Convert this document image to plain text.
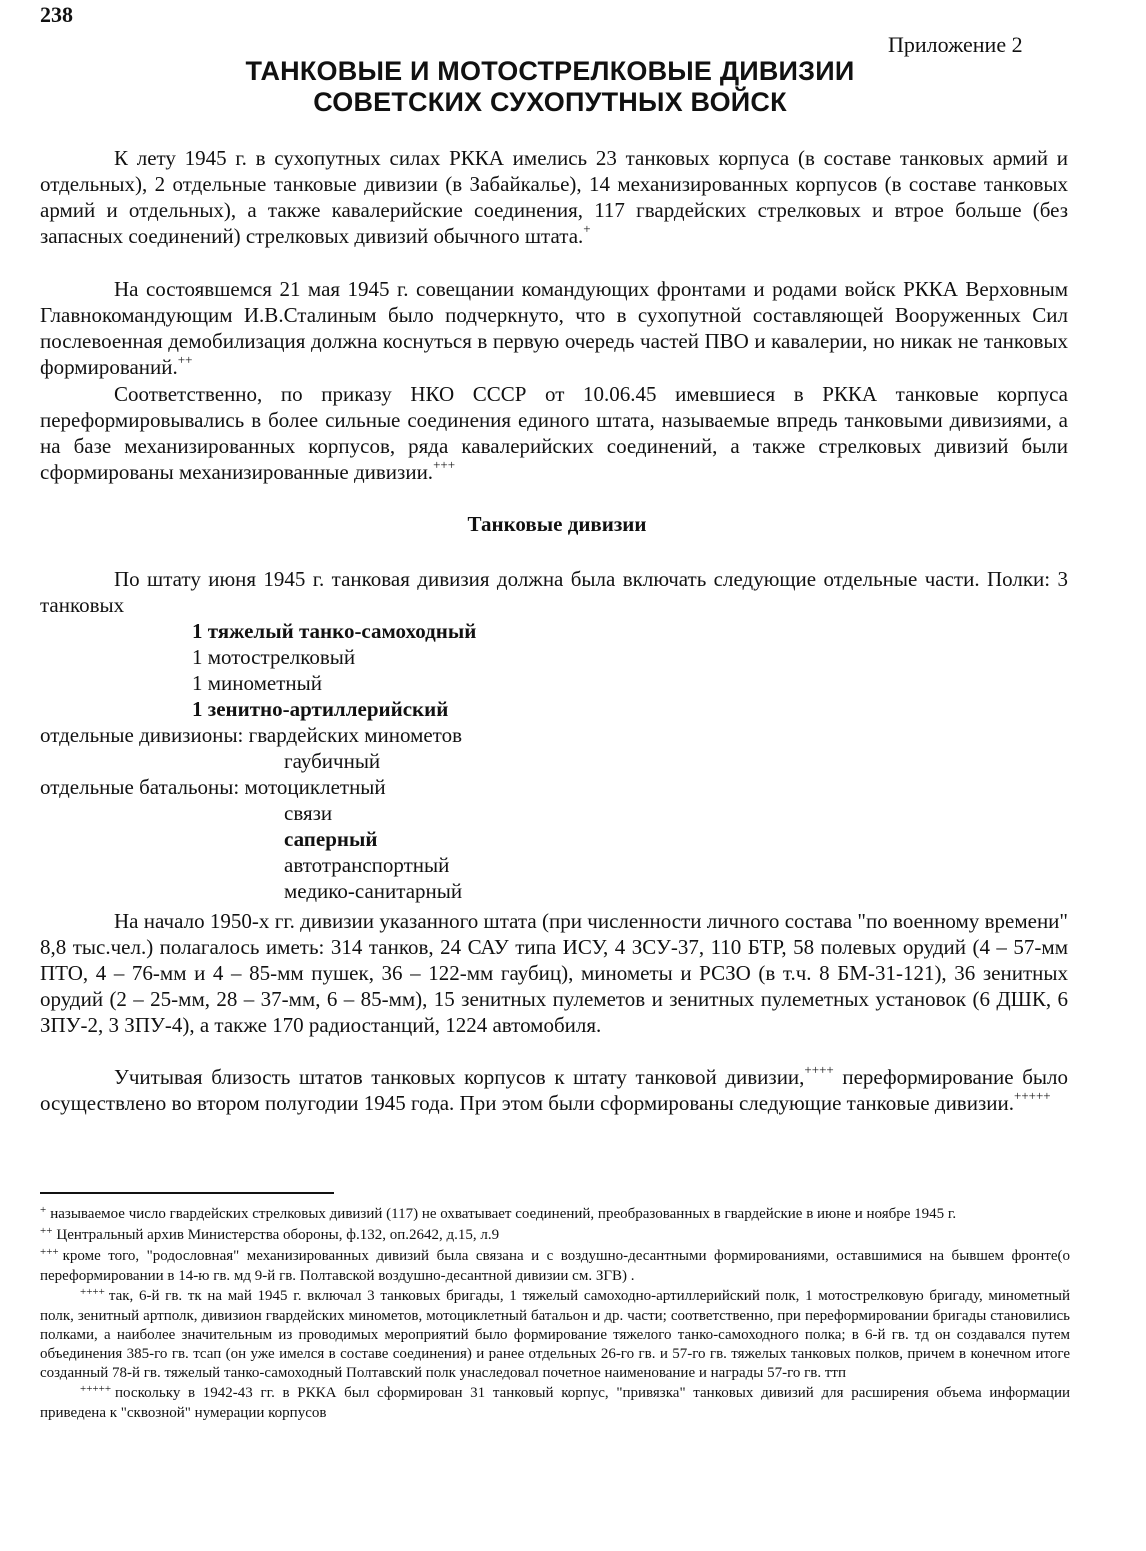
238
Приложение 2
ТАНКОВЫЕ И МОТОСТРЕЛКОВЫЕ ДИВИЗИИ
СОВЕТСКИХ СУХОПУТНЫХ ВОЙСК

К лету 1945 г. в сухопутных силах РККА имелись 23 танковых корпуса (в составе танковых армий и отдельных), 2 отдельные танковые дивизии (в Забайкалье), 14 механизированных корпусов (в составе танковых армий и отдельных), а также кавалерийские соединения, 117 гвардейских стрелковых и втрое больше (без запасных соединений) стрелковых дивизий обычного штата.+

На состоявшемся 21 мая 1945 г. совещании командующих фронтами и родами войск РККА Верховным Главнокомандующим И.В.Сталиным было подчеркнуто, что в сухопутной составляющей Вооруженных Сил послевоенная демобилизация должна коснуться в первую очередь частей ПВО и кавалерии, но никак не танковых формирований.++

Соответственно, по приказу НКО СССР от 10.06.45 имевшиеся в РККА танковые корпуса переформировывались в более сильные соединения единого штата, называемые впредь танковыми дивизиями, а на базе механизированных корпусов, ряда кавалерийских соединений, а также стрелковых дивизий были сформированы механизированные дивизии.+++

Танковые дивизии

По штату июня 1945 г. танковая дивизия должна была включать следующие отдельные части. Полки: 3 танковых

1 тяжелый танко-самоходный
1 мотострелковый
1 минометный
1 зенитно-артиллерийский
отдельные дивизионы: гвардейских минометов
гаубичный
отдельные батальоны: мотоциклетный
связи
саперный
автотранспортный
медико-санитарный

На начало 1950-х гг. дивизии указанного штата (при численности личного состава "по военному времени" 8,8 тыс.чел.) полагалось иметь: 314 танков, 24 САУ типа ИСУ, 4 ЗСУ-37, 110 БТР, 58 полевых орудий (4 – 57-мм ПТО, 4 – 76-мм и 4 – 85-мм пушек, 36 – 122-мм гаубиц), минометы и РСЗО (в т.ч. 8 БМ-31-121), 36 зенитных орудий (2 – 25-мм, 28 – 37-мм, 6 – 85-мм), 15 зенитных пулеметов и зенитных пулеметных установок (6 ДШК, 6 ЗПУ-2, 3 ЗПУ-4), а также 170 радиостанций, 1224 автомобиля.

Учитывая близость штатов танковых корпусов к штату танковой дивизии,++++ переформирование было осуществлено во втором полугодии 1945 года. При этом были сформированы следующие танковые дивизии.+++++

+ называемое число гвардейских стрелковых дивизий (117) не охватывает соединений, преобразованных в гвардейские в июне и ноябре 1945 г.
++ Центральный архив Министерства обороны, ф.132, оп.2642, д.15, л.9
+++ кроме того, "родословная" механизированных дивизий была связана и с воздушно-десантными формированиями, оставшимися на бывшем фронте(о переформировании в 14-ю гв. мд 9-й гв. Полтавской воздушно-десантной дивизии см. ЗГВ) .
++++ так, 6-й гв. тк на май 1945 г. включал 3 танковых бригады, 1 тяжелый самоходно-артиллерийский полк, 1 мотострелковую бригаду, минометный полк, зенитный артполк, дивизион гвардейских минометов, мотоциклетный батальон и др. части; соответственно, при переформировании бригады становились полками, а наиболее значительным из проводимых мероприятий было формирование тяжелого танко-самоходного полка; в 6-й гв. тд он создавался путем объединения 385-го гв. тсап (он уже имелся в составе соединения) и ранее отдельных 26-го гв. и 57-го гв. тяжелых танковых полков, причем в конечном итоге созданный 78-й гв. тяжелый танко-самоходный Полтавский полк унаследовал почетное наименование и награды 57-го гв. ттп
+++++ поскольку в 1942-43 гг. в РККА был сформирован 31 танковый корпус, "привязка" танковых дивизий для расширения объема информации приведена к "сквозной" нумерации корпусов
